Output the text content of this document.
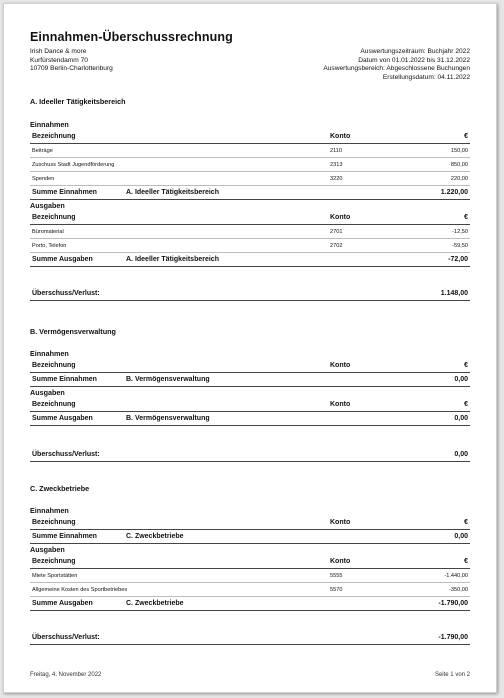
Einnahmen-Überschussrechnung
Irish Dance & more
Kurfürstendamm 70
10709 Berlin-Charlottenburg
Auswertungszeitraum: Buchjahr 2022
Datum von 01.01.2022 bis 31.12.2022
Auswertungsbereich: Abgeschlossene Buchungen
Erstellungsdatum: 04.11.2022
A. Ideeller Tätigkeitsbereich
Einnahmen
Bezeichnung	Konto	€
Beiträge	2110	150,00
Zuschuss Stadt Jugendförderung	2313	850,00
Spenden	3220	220,00
Summe Einnahmen	A. Ideeller Tätigkeitsbereich	1.220,00
Ausgaben
Bezeichnung	Konto	€
Büromaterial	2701	-12,50
Porto, Telefon	2702	-59,50
Summe Ausgaben	A. Ideeller Tätigkeitsbereich	-72,00
Überschuss/Verlust:	1.148,00
B. Vermögensverwaltung
Einnahmen
Bezeichnung	Konto	€
Summe Einnahmen	B. Vermögensverwaltung	0,00
Ausgaben
Bezeichnung	Konto	€
Summe Ausgaben	B. Vermögensverwaltung	0,00
Überschuss/Verlust:	0,00
C. Zweckbetriebe
Einnahmen
Bezeichnung	Konto	€
Summe Einnahmen	C. Zweckbetriebe	0,00
Ausgaben
Bezeichnung	Konto	€
Miete Sportstätten	5555	-1.440,00
Allgemeine Kosten des Sportbetriebes	5570	-350,00
Summe Ausgaben	C. Zweckbetriebe	-1.790,00
Überschuss/Verlust:	-1.790,00
Freitag, 4. November 2022	Seite 1 von 2
